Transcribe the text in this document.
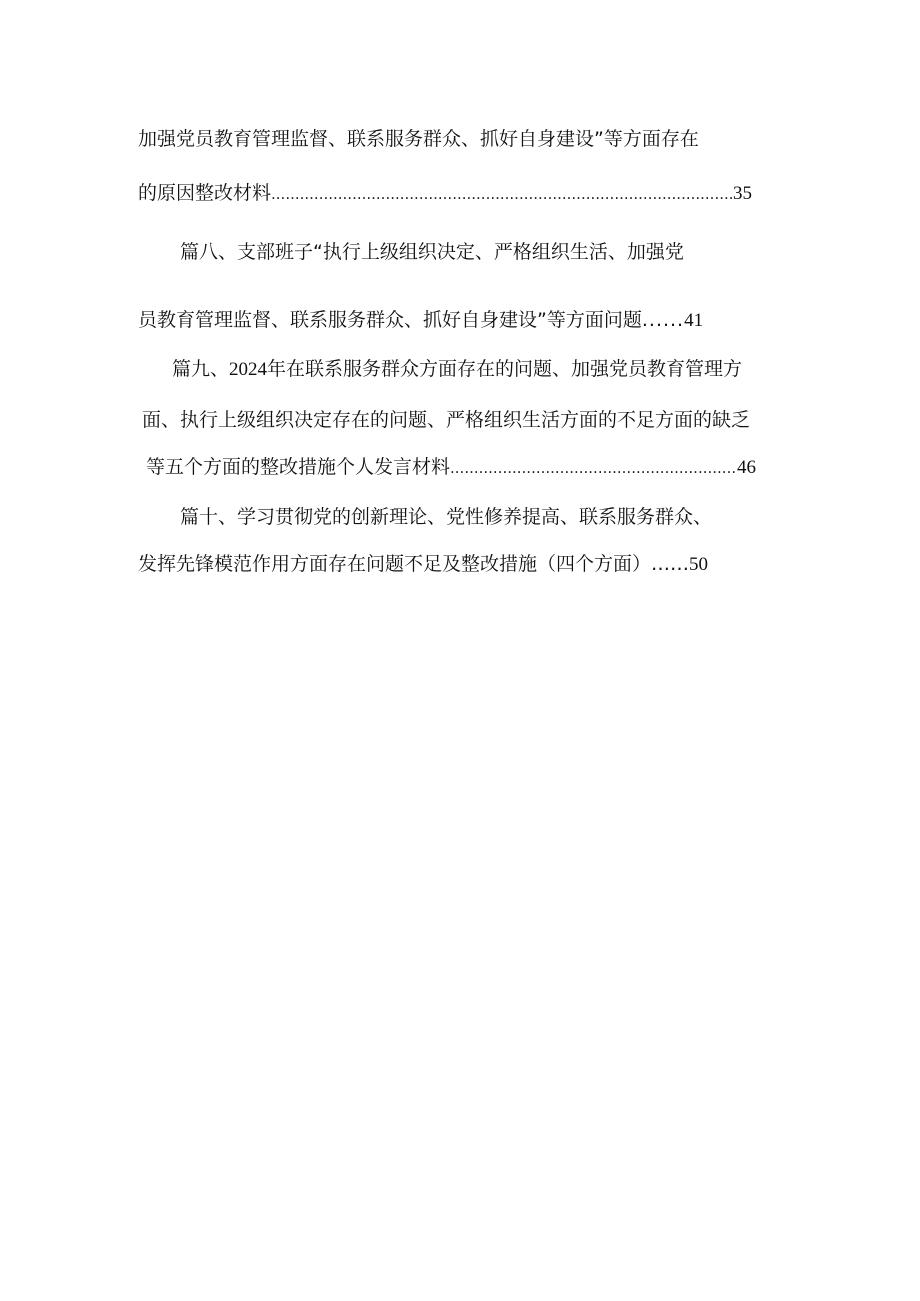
加强党员教育管理监督、联系服务群众、抓好自身建设”等方面存在
的原因整改材料 .....	35
篇八、支部班子“执行上级组织决定、严格组织生活、加强党
员教育管理监督、联系服务群众、抓好自身建设”等方面问题......41
篇九、2024年在联系服务群众方面存在的问题、加强党员教育管理方
面、执行上级组织决定存在的问题、严格组织生活方面的不足方面的缺乏
等五个方面的整改措施个人发言材料 .....	46
篇十、学习贯彻党的创新理论、党性修养提高、联系服务群众、
发挥先锋模范作用方面存在问题不足及整改措施（四个方面）……50
